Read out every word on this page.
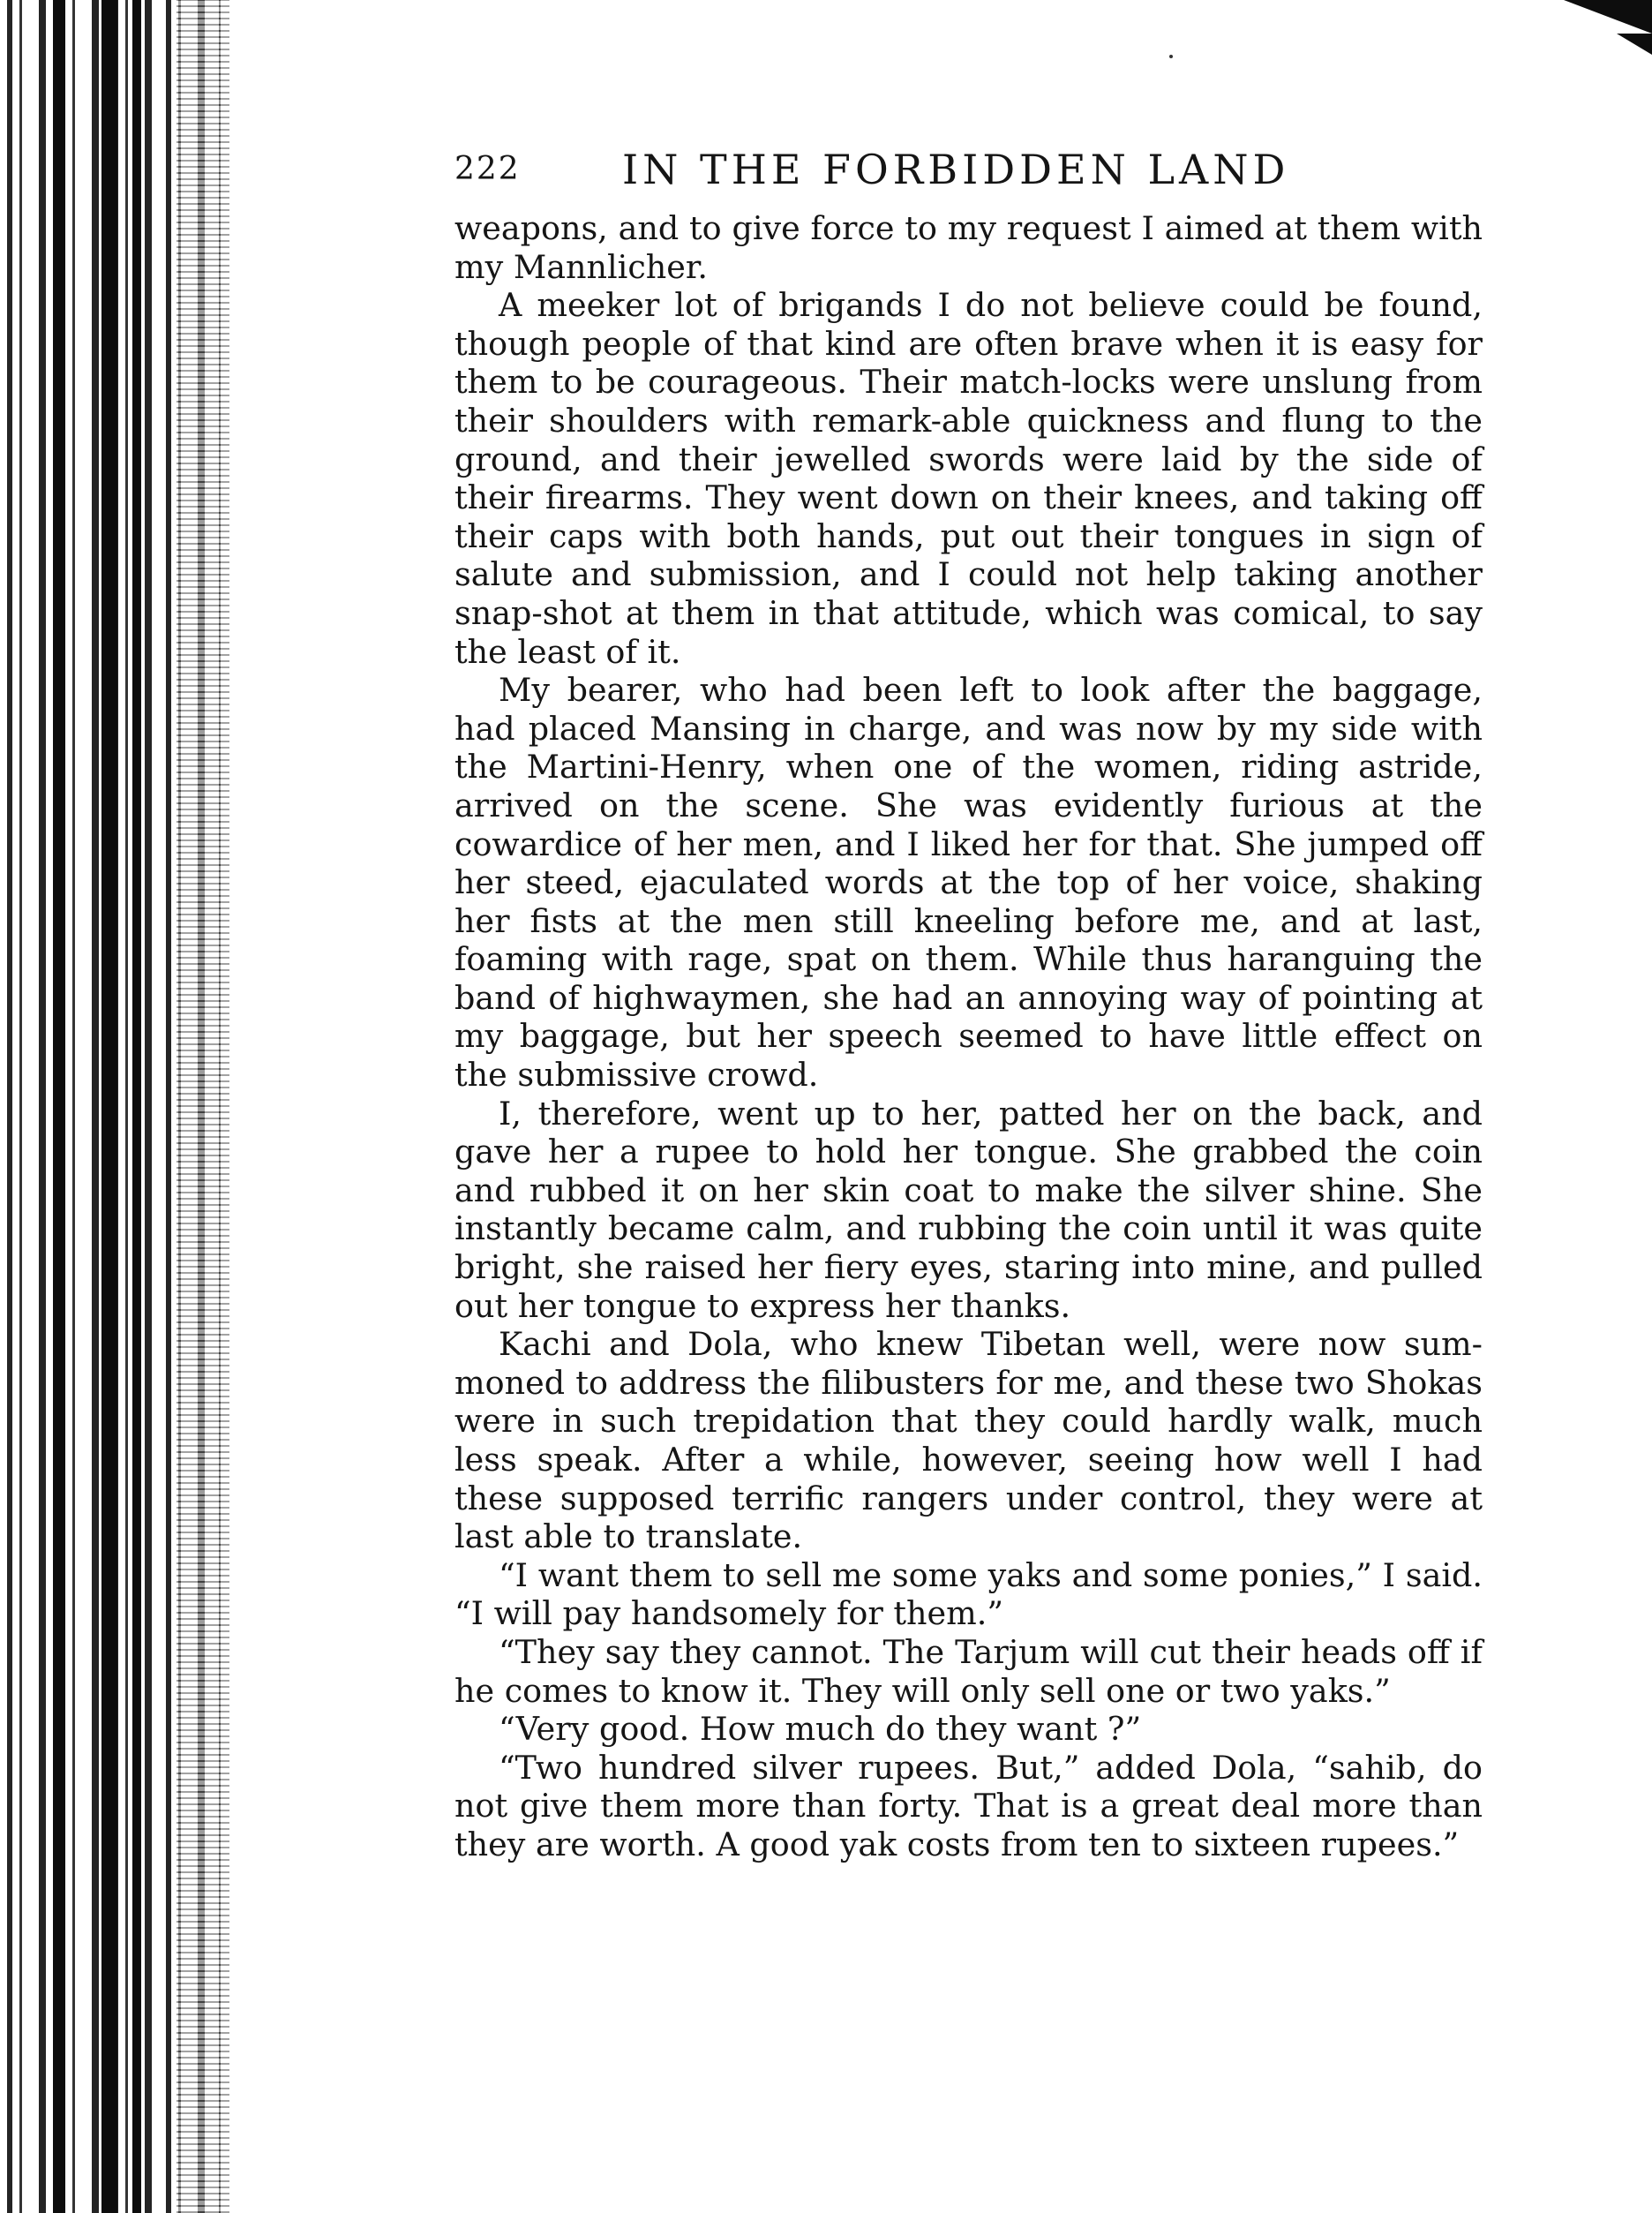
222	IN THE FORBIDDEN LAND

weapons, and to give force to my request I aimed at them with my Mannlicher.

A meeker lot of brigands I do not believe could be found, though people of that kind are often brave when it is easy for them to be courageous. Their match-locks were unslung from their shoulders with remark-able quickness and flung to the ground, and their jewelled swords were laid by the side of their firearms. They went down on their knees, and taking off their caps with both hands, put out their tongues in sign of salute and submission, and I could not help taking another snap-shot at them in that attitude, which was comical, to say the least of it.

My bearer, who had been left to look after the baggage, had placed Mansing in charge, and was now by my side with the Martini-Henry, when one of the women, riding astride, arrived on the scene. She was evidently furious at the cowardice of her men, and I liked her for that. She jumped off her steed, ejaculated words at the top of her voice, shaking her fists at the men still kneeling before me, and at last, foaming with rage, spat on them. While thus haranguing the band of highwaymen, she had an annoying way of pointing at my baggage, but her speech seemed to have little effect on the submissive crowd.

I, therefore, went up to her, patted her on the back, and gave her a rupee to hold her tongue. She grabbed the coin and rubbed it on her skin coat to make the silver shine. She instantly became calm, and rubbing the coin until it was quite bright, she raised her fiery eyes, staring into mine, and pulled out her tongue to express her thanks.

Kachi and Dola, who knew Tibetan well, were now sum-moned to address the filibusters for me, and these two Shokas were in such trepidation that they could hardly walk, much less speak. After a while, however, seeing how well I had these supposed terrific rangers under control, they were at last able to translate.

“I want them to sell me some yaks and some ponies,” I said. “I will pay handsomely for them.”

“They say they cannot. The Tarjum will cut their heads off if he comes to know it. They will only sell one or two yaks.”

“Very good. How much do they want ?”

“Two hundred silver rupees. But,” added Dola, “sahib, do not give them more than forty. That is a great deal more than they are worth. A good yak costs from ten to sixteen rupees.”
